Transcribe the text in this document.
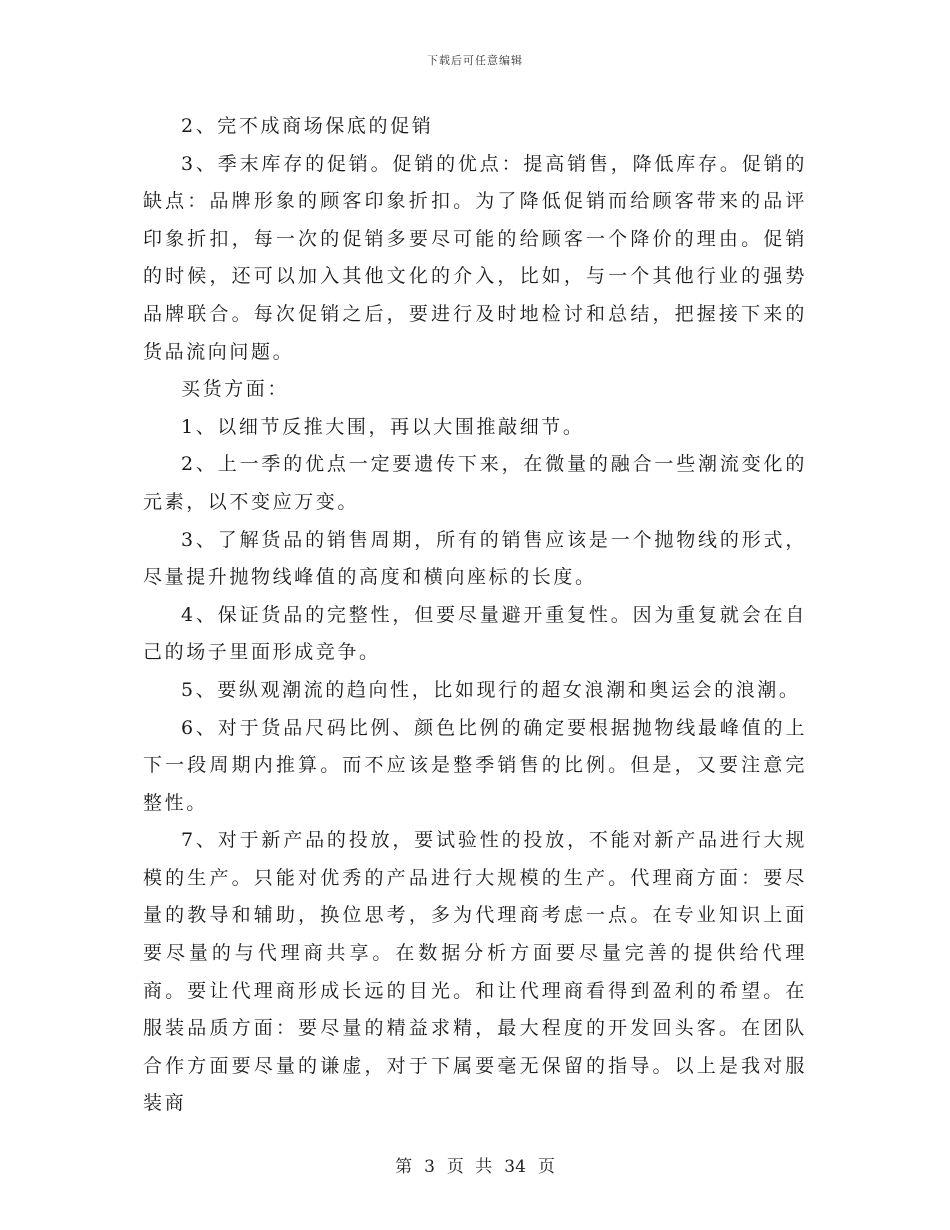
下载后可任意编辑

2、完不成商场保底的促销

3、季末库存的促销。促销的优点：提高销售，降低库存。促销的缺点：品牌形象的顾客印象折扣。为了降低促销而给顾客带来的品评印象折扣，每一次的促销多要尽可能的给顾客一个降价的理由。促销的时候，还可以加入其他文化的介入，比如，与一个其他行业的强势品牌联合。每次促销之后，要进行及时地检讨和总结，把握接下来的货品流向问题。

买货方面：

1、以细节反推大围，再以大围推敲细节。

2、上一季的优点一定要遗传下来，在微量的融合一些潮流变化的元素，以不变应万变。

3、了解货品的销售周期，所有的销售应该是一个抛物线的形式，尽量提升抛物线峰值的高度和横向座标的长度。

4、保证货品的完整性，但要尽量避开重复性。因为重复就会在自己的场子里面形成竞争。

5、要纵观潮流的趋向性，比如现行的超女浪潮和奥运会的浪潮。

6、对于货品尺码比例、颜色比例的确定要根据抛物线最峰值的上下一段周期内推算。而不应该是整季销售的比例。但是，又要注意完整性。

7、对于新产品的投放，要试验性的投放，不能对新产品进行大规模的生产。只能对优秀的产品进行大规模的生产。代理商方面：要尽量的教导和辅助，换位思考，多为代理商考虑一点。在专业知识上面要尽量的与代理商共享。在数据分析方面要尽量完善的提供给代理商。要让代理商形成长远的目光。和让代理商看得到盈利的希望。在服装品质方面：要尽量的精益求精，最大程度的开发回头客。在团队合作方面要尽量的谦虚，对于下属要毫无保留的指导。以上是我对服装商

第 3 页 共 34 页
